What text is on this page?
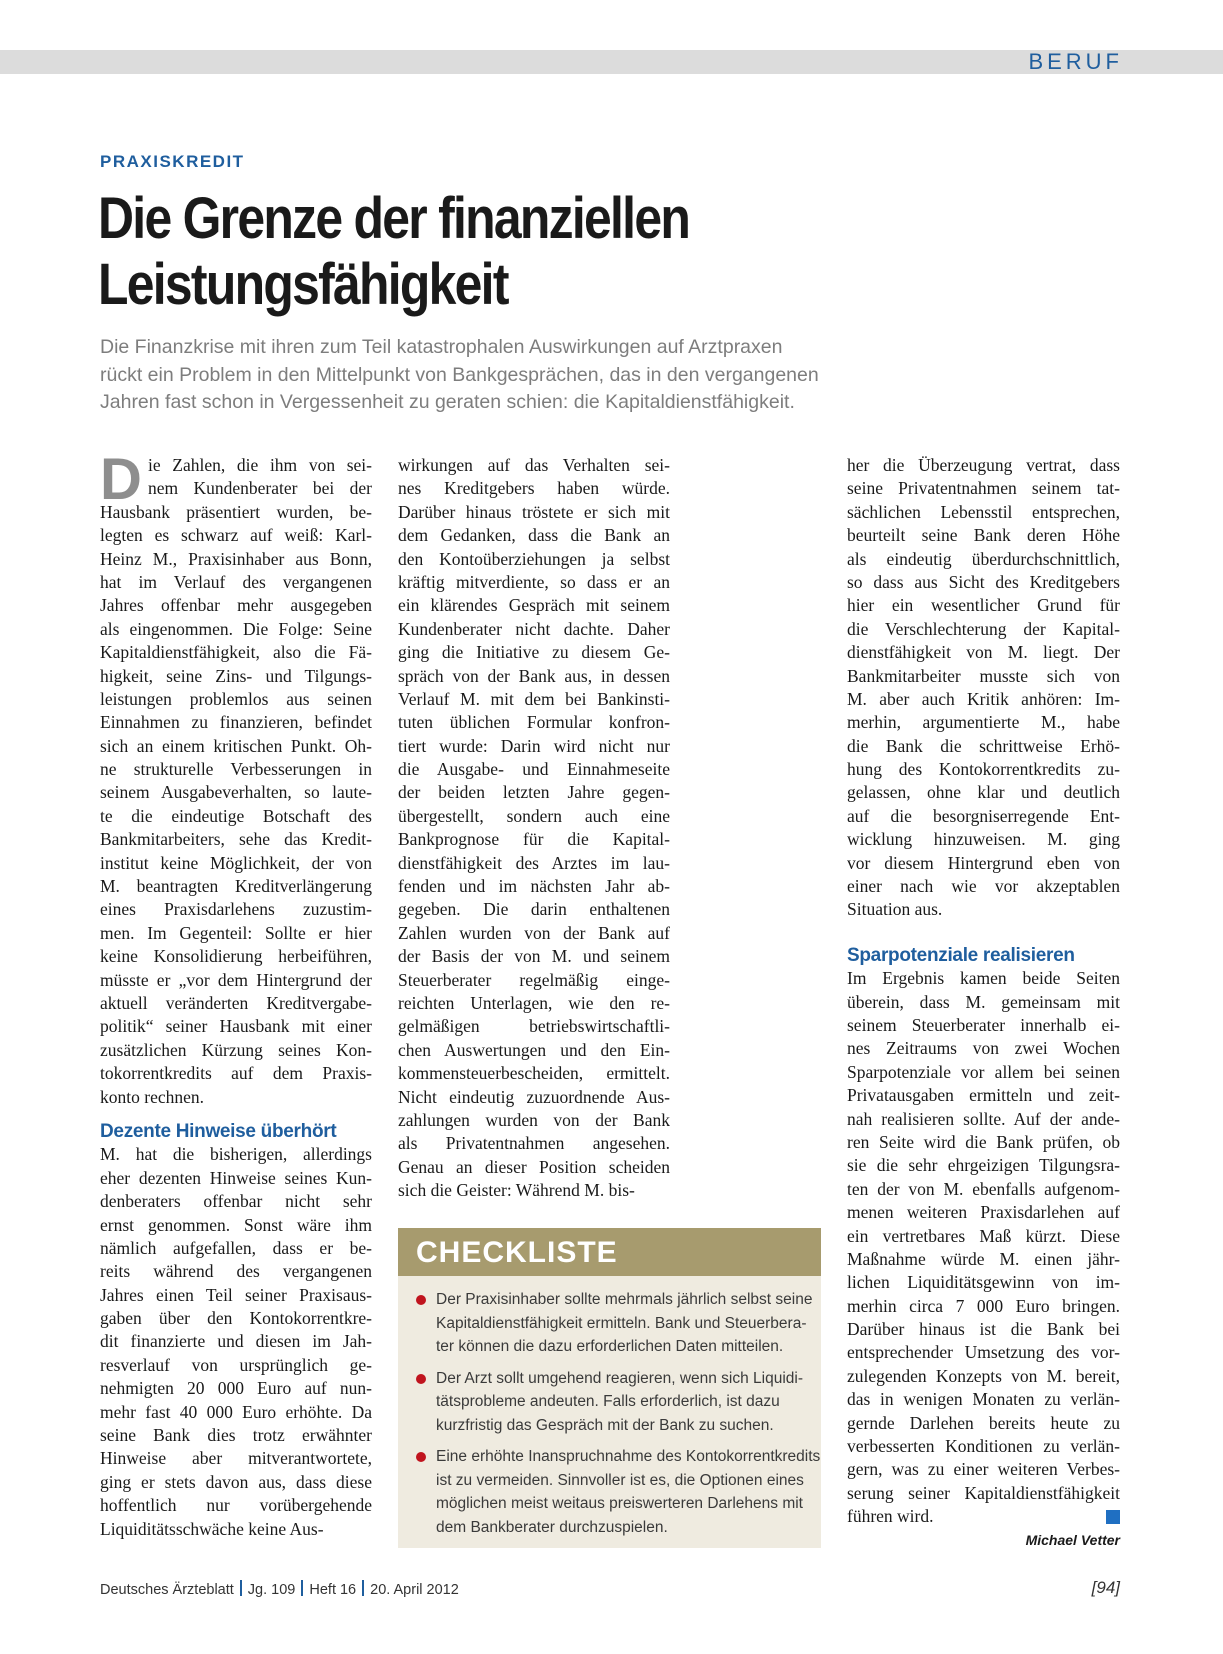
BERUF
PRAXISKREDIT
Die Grenze der finanziellen
Leistungsfähigkeit
Die Finanzkrise mit ihren zum Teil katastrophalen Auswirkungen auf Arztpraxen
rückt ein Problem in den Mittelpunkt von Bankgesprächen, das in den vergangenen
Jahren fast schon in Vergessenheit zu geraten schien: die Kapitaldienstfähigkeit.
D ie Zahlen, die ihm von sei-
nem Kundenberater bei der
Hausbank präsentiert wurden, be-
legten es schwarz auf weiß: Karl-
Heinz M., Praxisinhaber aus Bonn,
hat im Verlauf des vergangenen
Jahres offenbar mehr ausgegeben
als eingenommen. Die Folge: Seine
Kapitaldienstfähigkeit, also die Fä-
higkeit, seine Zins- und Tilgungs-
leistungen problemlos aus seinen
Einnahmen zu finanzieren, befindet
sich an einem kritischen Punkt. Oh-
ne strukturelle Verbesserungen in
seinem Ausgabeverhalten, so laute-
te die eindeutige Botschaft des
Bankmitarbeiters, sehe das Kredit-
institut keine Möglichkeit, der von
M. beantragten Kreditverlängerung
eines Praxisdarlehens zuzustim-
men. Im Gegenteil: Sollte er hier
keine Konsolidierung herbeiführen,
müsste er „vor dem Hintergrund der
aktuell veränderten Kreditvergabe-
politik“ seiner Hausbank mit einer
zusätzlichen Kürzung seines Kon-
tokorrentkredits auf dem Praxis-
konto rechnen.
Dezente Hinweise überhört
M. hat die bisherigen, allerdings
eher dezenten Hinweise seines Kun-
denberaters offenbar nicht sehr
ernst genommen. Sonst wäre ihm
nämlich aufgefallen, dass er be-
reits während des vergangenen
Jahres einen Teil seiner Praxisaus-
gaben über den Kontokorrentkre-
dit finanzierte und diesen im Jah-
resverlauf von ursprünglich ge-
nehmigten 20 000 Euro auf nun-
mehr fast 40 000 Euro erhöhte. Da
seine Bank dies trotz erwähnter
Hinweise aber mitverantwortete,
ging er stets davon aus, dass diese
hoffentlich nur vorübergehende
Liquiditätsschwäche keine Aus-
wirkungen auf das Verhalten sei-
nes Kreditgebers haben würde.
Darüber hinaus tröstete er sich mit
dem Gedanken, dass die Bank an
den Kontoüberziehungen ja selbst
kräftig mitverdiente, so dass er an
ein klärendes Gespräch mit seinem
Kundenberater nicht dachte. Daher
ging die Initiative zu diesem Ge-
spräch von der Bank aus, in dessen
Verlauf M. mit dem bei Bankinsti-
tuten üblichen Formular konfron-
tiert wurde: Darin wird nicht nur
die Ausgabe- und Einnahmeseite
der beiden letzten Jahre gegen-
übergestellt, sondern auch eine
Bankprognose für die Kapital-
dienstfähigkeit des Arztes im lau-
fenden und im nächsten Jahr ab-
gegeben. Die darin enthaltenen
Zahlen wurden von der Bank auf
der Basis der von M. und seinem
Steuerberater regelmäßig einge-
reichten Unterlagen, wie den re-
gelmäßigen betriebswirtschaftli-
chen Auswertungen und den Ein-
kommensteuerbescheiden, ermittelt.
Nicht eindeutig zuzuordnende Aus-
zahlungen wurden von der Bank
als Privatentnahmen angesehen.
Genau an dieser Position scheiden
sich die Geister: Während M. bis-
her die Überzeugung vertrat, dass
seine Privatentnahmen seinem tat-
sächlichen Lebensstil entsprechen,
beurteilt seine Bank deren Höhe
als eindeutig überdurchschnittlich,
so dass aus Sicht des Kreditgebers
hier ein wesentlicher Grund für
die Verschlechterung der Kapital-
dienstfähigkeit von M. liegt. Der
Bankmitarbeiter musste sich von
M. aber auch Kritik anhören: Im-
merhin, argumentierte M., habe
die Bank die schrittweise Erhö-
hung des Kontokorrentkredits zu-
gelassen, ohne klar und deutlich
auf die besorgniserregende Ent-
wicklung hinzuweisen. M. ging
vor diesem Hintergrund eben von
einer nach wie vor akzeptablen
Situation aus.
Sparpotenziale realisieren
Im Ergebnis kamen beide Seiten
überein, dass M. gemeinsam mit
seinem Steuerberater innerhalb ei-
nes Zeitraums von zwei Wochen
Sparpotenziale vor allem bei seinen
Privatausgaben ermitteln und zeit-
nah realisieren sollte. Auf der ande-
ren Seite wird die Bank prüfen, ob
sie die sehr ehrgeizigen Tilgungsra-
ten der von M. ebenfalls aufgenom-
menen weiteren Praxisdarlehen auf
ein vertretbares Maß kürzt. Diese
Maßnahme würde M. einen jähr-
lichen Liquiditätsgewinn von im-
merhin circa 7 000 Euro bringen.
Darüber hinaus ist die Bank bei
entsprechender Umsetzung des vor-
zulegenden Konzepts von M. bereit,
das in wenigen Monaten zu verlän-
gernde Darlehen bereits heute zu
verbesserten Konditionen zu verlän-
gern, was zu einer weiteren Verbes-
serung seiner Kapitaldienstfähigkeit
führen wird.
CHECKLISTE
Der Praxisinhaber sollte mehrmals jährlich selbst seine
Kapitaldienstfähigkeit ermitteln. Bank und Steuerbera-
ter können die dazu erforderlichen Daten mitteilen.
Der Arzt sollt umgehend reagieren, wenn sich Liquidi-
tätsprobleme andeuten. Falls erforderlich, ist dazu
kurzfristig das Gespräch mit der Bank zu suchen.
Eine erhöhte Inanspruchnahme des Kontokorrentkredits
ist zu vermeiden. Sinnvoller ist es, die Optionen eines
möglichen meist weitaus preiswerteren Darlehens mit
dem Bankberater durchzuspielen.
Michael Vetter
Deutsches Ärzteblatt Jg. 109 Heft 16 20. April 2012	[94]
